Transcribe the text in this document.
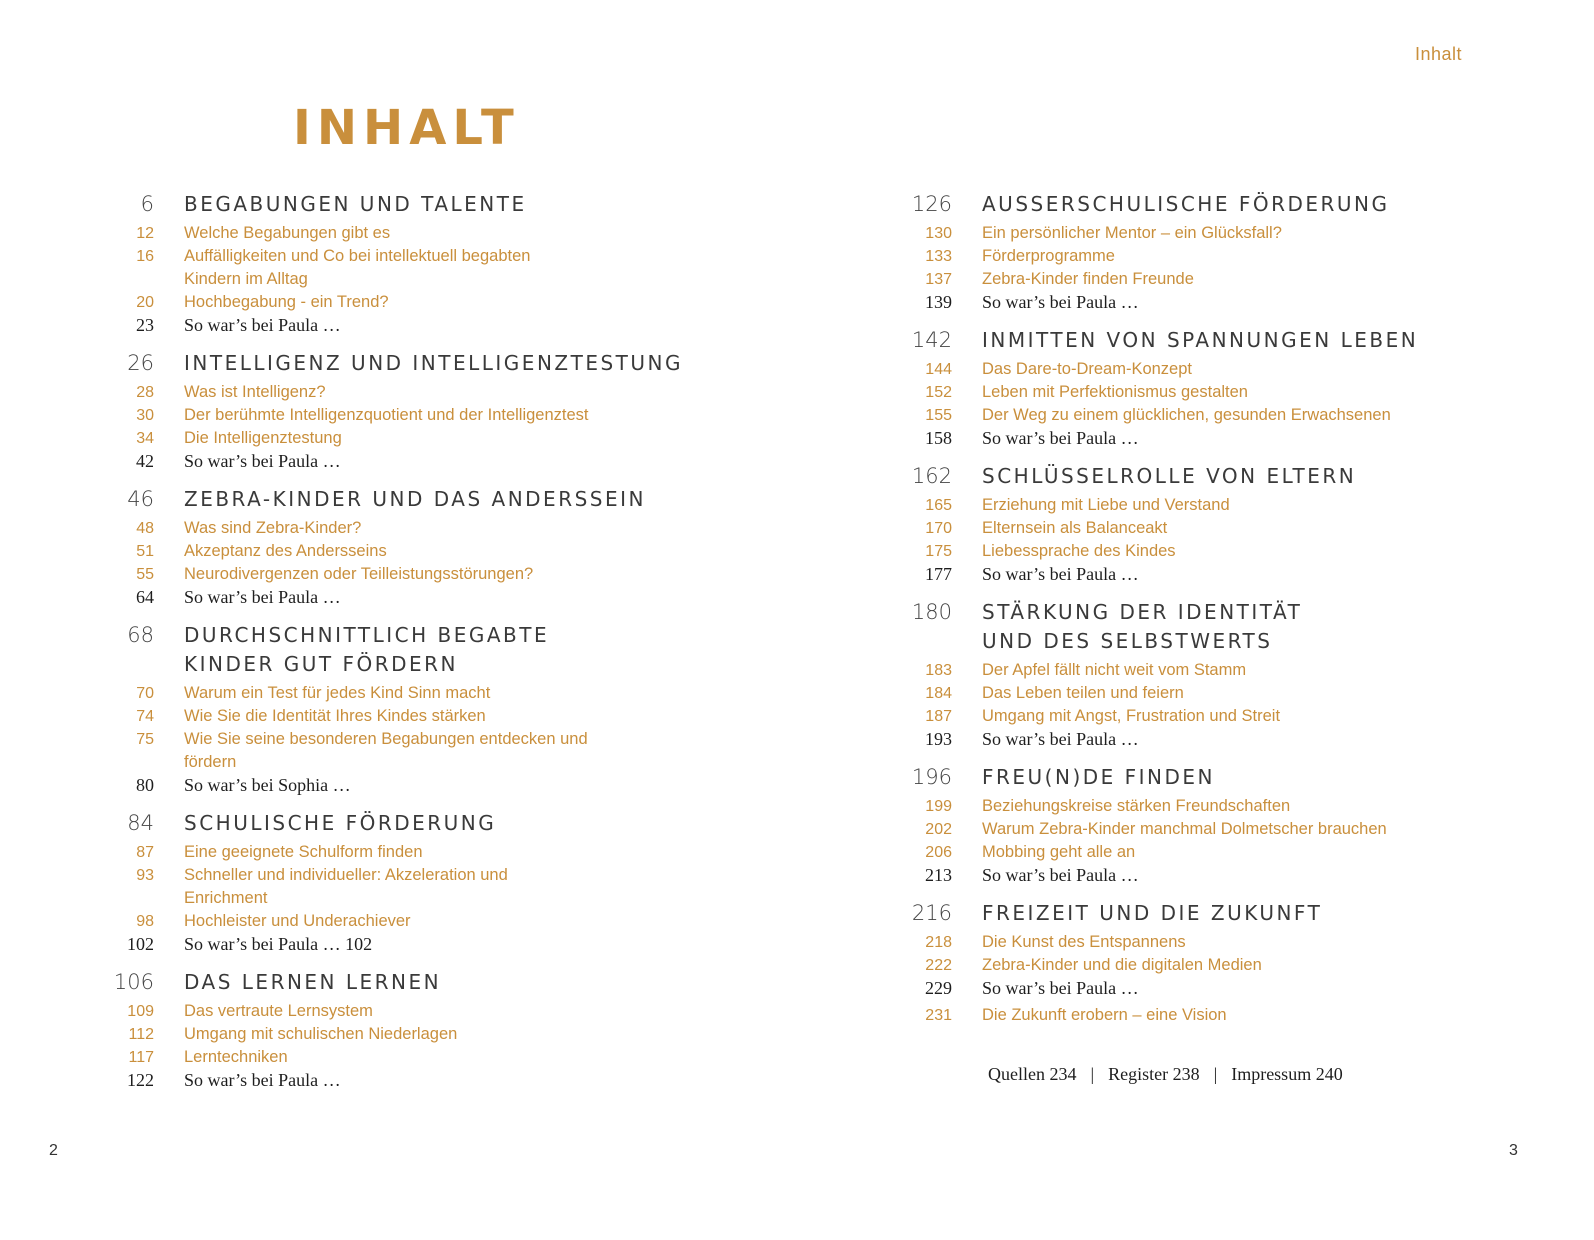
Inhalt
INHALT
6	BEGABUNGEN UND TALENTE
12	Welche Begabungen gibt es
16	Auffälligkeiten und Co bei intellektuell begabten Kindern im Alltag
20	Hochbegabung - ein Trend?
23	So war’s bei Paula …
26	INTELLIGENZ UND INTELLIGENZTESTUNG
28	Was ist Intelligenz?
30	Der berühmte Intelligenzquotient und der Intelligenztest
34	Die Intelligenztestung
42	So war’s bei Paula …
46	ZEBRA-KINDER UND DAS ANDERSSEIN
48	Was sind Zebra-Kinder?
51	Akzeptanz des Andersseins
55	Neurodivergenzen oder Teilleistungsstörungen?
64	So war’s bei Paula …
68	DURCHSCHNITTLICH BEGABTE KINDER GUT FÖRDERN
70	Warum ein Test für jedes Kind Sinn macht
74	Wie Sie die Identität Ihres Kindes stärken
75	Wie Sie seine besonderen Begabungen entdecken und fördern
80	So war’s bei Sophia …
84	SCHULISCHE FÖRDERUNG
87	Eine geeignete Schulform finden
93	Schneller und individueller: Akzeleration und Enrichment
98	Hochleister und Underachiever
102	So war’s bei Paula … 102
106	DAS LERNEN LERNEN
109	Das vertraute Lernsystem
112	Umgang mit schulischen Niederlagen
117	Lerntechniken
122	So war’s bei Paula …
126	AUSSERSCHULISCHE FÖRDERUNG
130	Ein persönlicher Mentor – ein Glücksfall?
133	Förderprogramme
137	Zebra-Kinder finden Freunde
139	So war’s bei Paula …
142	INMITTEN VON SPANNUNGEN LEBEN
144	Das Dare-to-Dream-Konzept
152	Leben mit Perfektionismus gestalten
155	Der Weg zu einem glücklichen, gesunden Erwachsenen
158	So war’s bei Paula …
162	SCHLÜSSELROLLE VON ELTERN
165	Erziehung mit Liebe und Verstand
170	Elternsein als Balanceakt
175	Liebessprache des Kindes
177	So war’s bei Paula …
180	STÄRKUNG DER IDENTITÄT UND DES SELBSTWERTS
183	Der Apfel fällt nicht weit vom Stamm
184	Das Leben teilen und feiern
187	Umgang mit Angst, Frustration und Streit
193	So war’s bei Paula …
196	FREU(N)DE FINDEN
199	Beziehungskreise stärken Freundschaften
202	Warum Zebra-Kinder manchmal Dolmetscher brauchen
206	Mobbing geht alle an
213	So war’s bei Paula …
216	FREIZEIT UND DIE ZUKUNFT
218	Die Kunst des Entspannens
222	Zebra-Kinder und die digitalen Medien
229	So war’s bei Paula …
231	Die Zukunft erobern – eine Vision
Quellen 234 | Register 238 | Impressum 240
2	3
